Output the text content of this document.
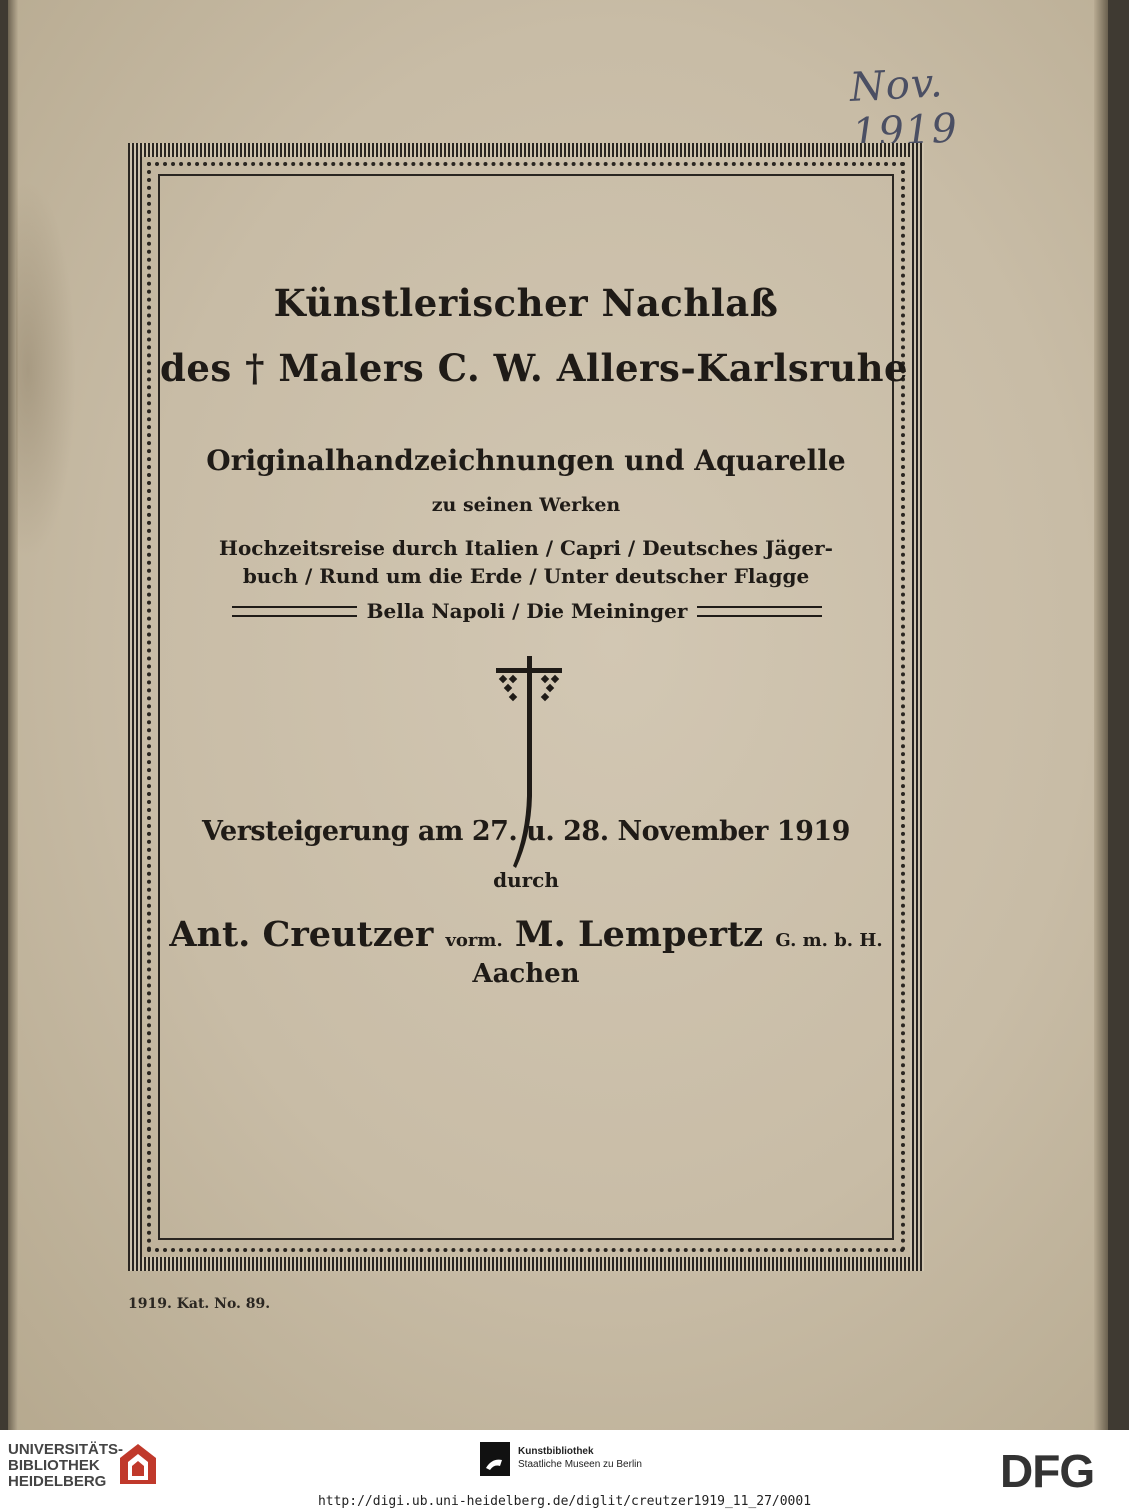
Nov. 1919
Künstlerischer Nachlaß
des † Malers C. W. Allers-Karlsruhe
Originalhandzeichnungen und Aquarelle
zu seinen Werken
Hochzeitsreise durch Italien / Capri / Deutsches Jäger-
buch / Rund um die Erde / Unter deutscher Flagge
Bella Napoli / Die Meininger
Versteigerung am 27. u. 28. November 1919
durch
Ant. Creutzer vorm. M. Lempertz G. m. b. H.
Aachen
1919. Kat. No. 89.
UNIVERSITÄTS-
BIBLIOTHEK
HEIDELBERG
Kunstbibliothek
Staatliche Museen zu Berlin	DFG
http://digi.ub.uni-heidelberg.de/diglit/creutzer1919_11_27/0001
